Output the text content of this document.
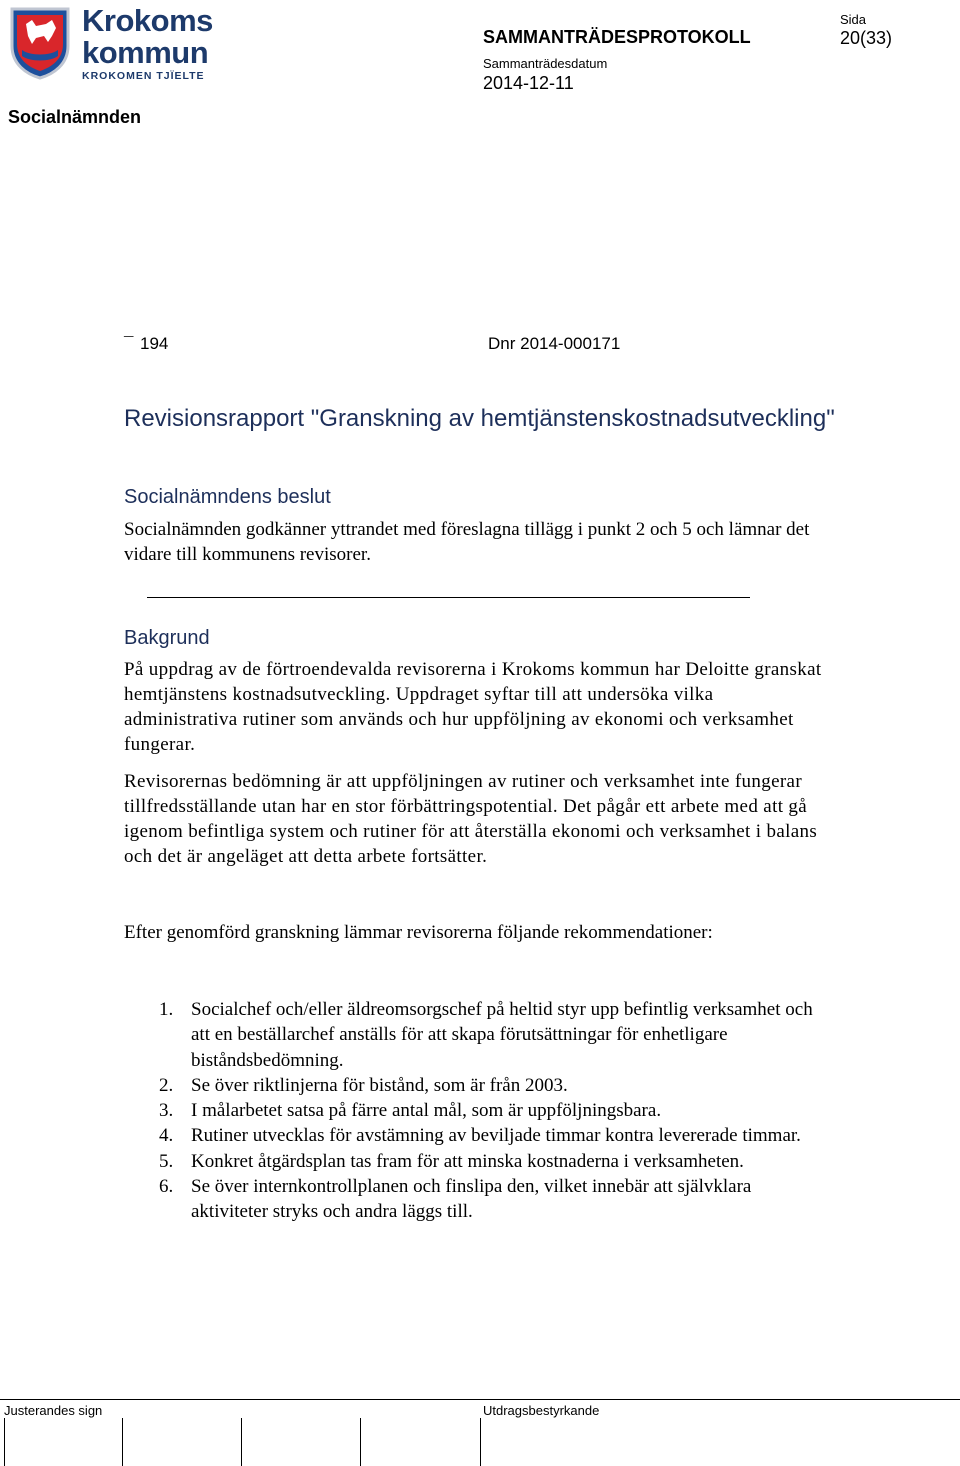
Krokoms
kommun
KROKOMEN TJÏELTE
SAMMANTRÄDESPROTOKOLL
Sammanträdesdatum
2014-12-11
Sida
20(33)
Socialnämnden
¯ 194	Dnr 2014-000171
Revisionsrapport "Granskning av hemtjänstenskostnadsutveckling"
Socialnämndens beslut
Socialnämnden godkänner yttrandet med föreslagna tillägg i punkt 2 och 5 och lämnar det vidare till kommunens revisorer.
Bakgrund
På uppdrag av de förtroendevalda revisorerna i Krokoms kommun har Deloitte granskat hemtjänstens kostnadsutveckling. Uppdraget syftar till att undersöka vilka administrativa rutiner som används och hur uppföljning av ekonomi och verksamhet fungerar.
Revisorernas bedömning är att uppföljningen av rutiner och verksamhet inte fungerar tillfredsställande utan har en stor förbättringspotential. Det pågår ett arbete med att gå igenom befintliga system och rutiner för att återställa ekonomi och verksamhet i balans och det är angeläget att detta arbete fortsätter.
Efter genomförd granskning lämmar revisorerna följande rekommendationer:
1. Socialchef och/eller äldreomsorgschef på heltid styr upp befintlig verksamhet och att en beställarchef anställs för att skapa förutsättningar för enhetligare biståndsbedömning.
2. Se över riktlinjerna för bistånd, som är från 2003.
3. I målarbetet satsa på färre antal mål, som är uppföljningsbara.
4. Rutiner utvecklas för avstämning av beviljade timmar kontra levererade timmar.
5. Konkret åtgärdsplan tas fram för att minska kostnaderna i verksamheten.
6. Se över internkontrollplanen och finslipa den, vilket innebär att självklara aktiviteter stryks och andra läggs till.
Justerandes sign	Utdragsbestyrkande
